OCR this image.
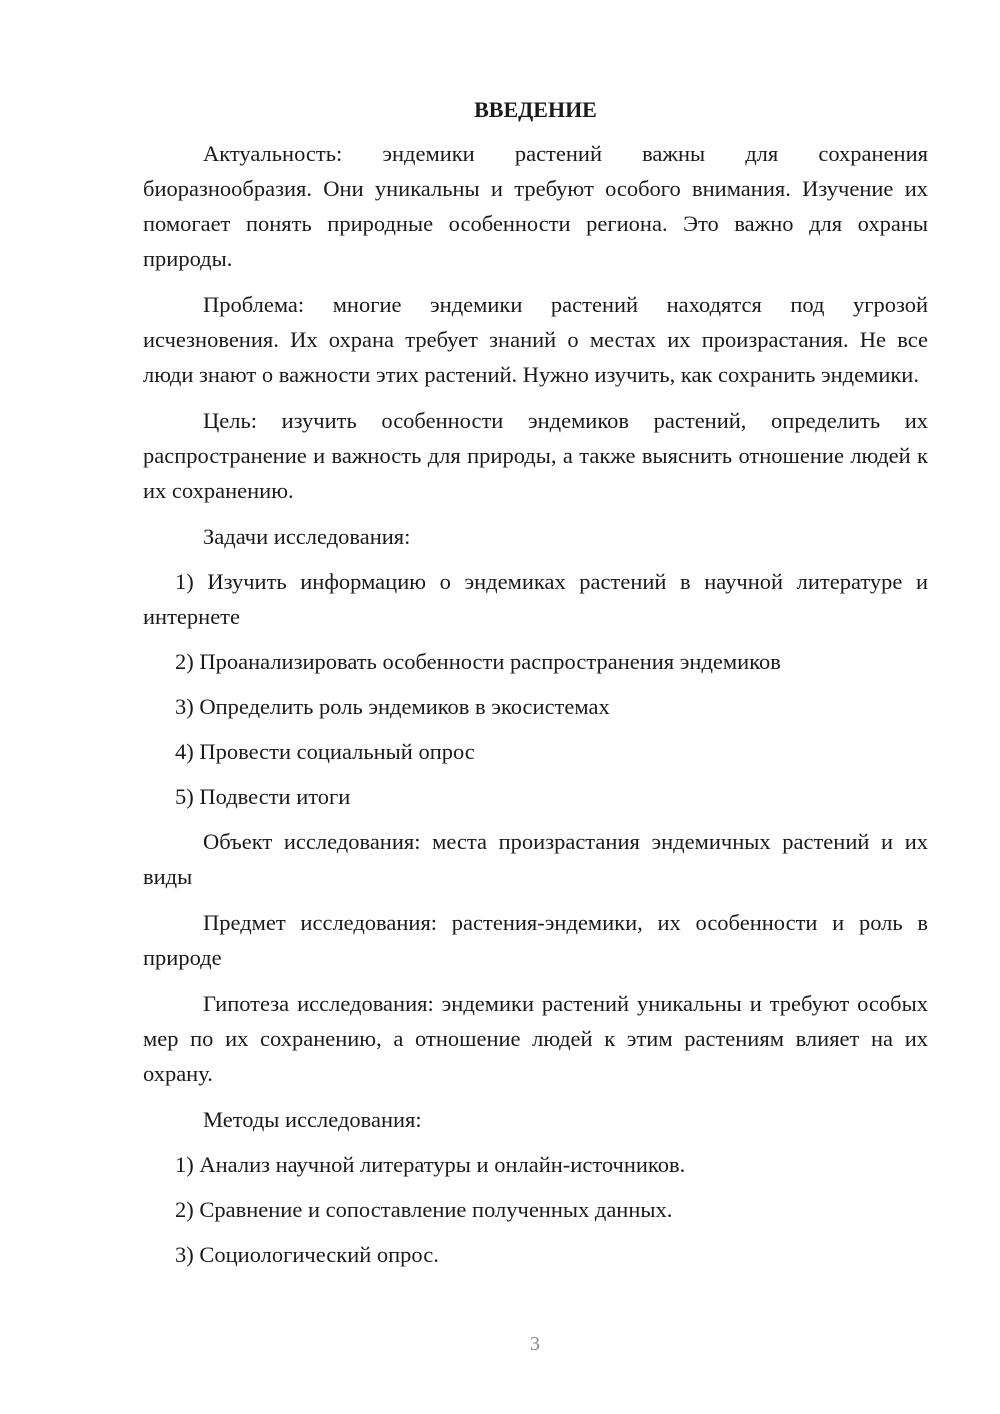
ВВЕДЕНИЕ

Актуальность: эндемики растений важны для сохранения биоразнообразия. Они уникальны и требуют особого внимания. Изучение их помогает понять природные особенности региона. Это важно для охраны природы.

Проблема: многие эндемики растений находятся под угрозой исчезновения. Их охрана требует знаний о местах их произрастания. Не все люди знают о важности этих растений. Нужно изучить, как сохранить эндемики.

Цель: изучить особенности эндемиков растений, определить их распространение и важность для природы, а также выяснить отношение людей к их сохранению.

Задачи исследования:

1) Изучить информацию о эндемиках растений в научной литературе и интернете

2) Проанализировать особенности распространения эндемиков

3) Определить роль эндемиков в экосистемах

4) Провести социальный опрос

5) Подвести итоги

Объект исследования: места произрастания эндемичных растений и их виды

Предмет исследования: растения-эндемики, их особенности и роль в природе

Гипотеза исследования: эндемики растений уникальны и требуют особых мер по их сохранению, а отношение людей к этим растениям влияет на их охрану.

Методы исследования:

1) Анализ научной литературы и онлайн-источников.

2) Сравнение и сопоставление полученных данных.

3) Социологический опрос.

3
